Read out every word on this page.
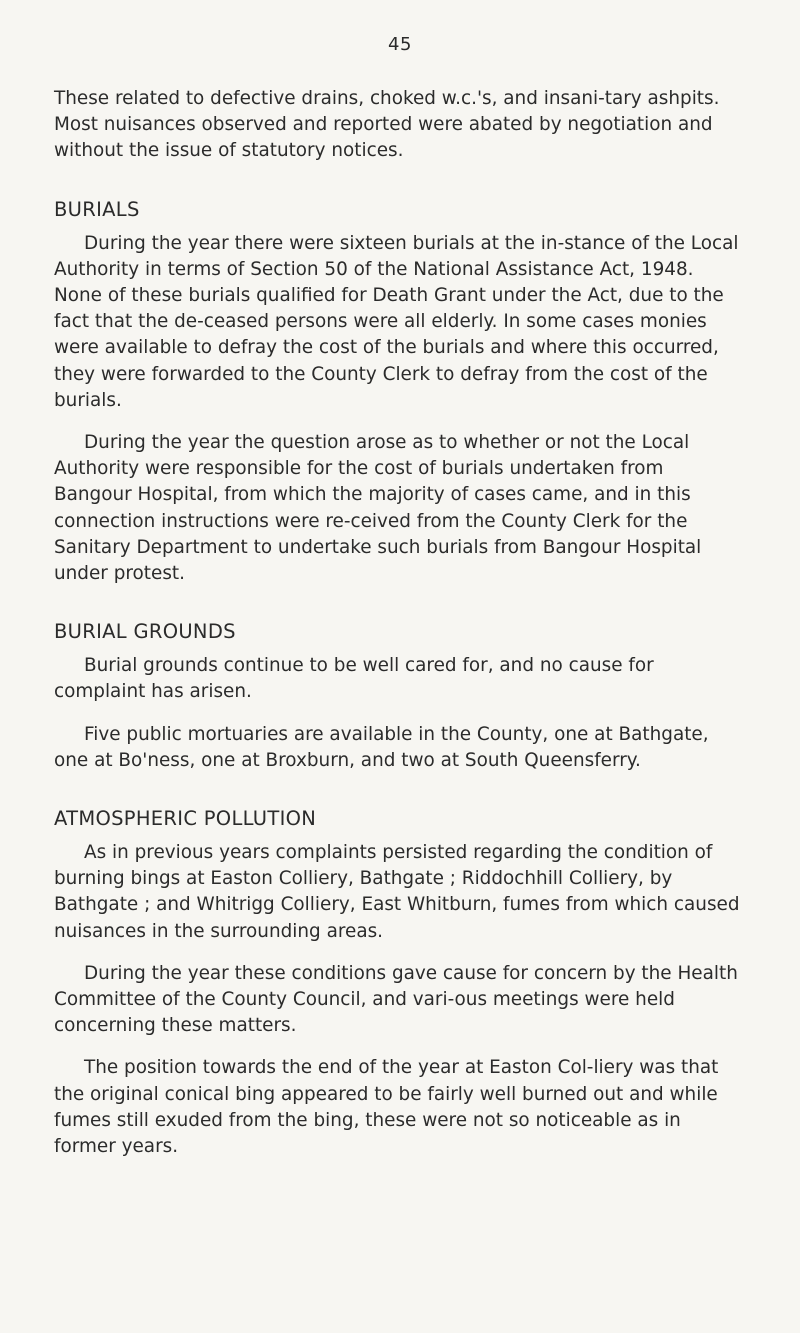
45

These related to defective drains, choked w.c.'s, and insani-tary ashpits. Most nuisances observed and reported were abated by negotiation and without the issue of statutory notices.

BURIALS

During the year there were sixteen burials at the in-stance of the Local Authority in terms of Section 50 of the National Assistance Act, 1948. None of these burials qualified for Death Grant under the Act, due to the fact that the de-ceased persons were all elderly. In some cases monies were available to defray the cost of the burials and where this occurred, they were forwarded to the County Clerk to defray from the cost of the burials.

During the year the question arose as to whether or not the Local Authority were responsible for the cost of burials undertaken from Bangour Hospital, from which the majority of cases came, and in this connection instructions were re-ceived from the County Clerk for the Sanitary Department to undertake such burials from Bangour Hospital under protest.

BURIAL GROUNDS

Burial grounds continue to be well cared for, and no cause for complaint has arisen.

Five public mortuaries are available in the County, one at Bathgate, one at Bo'ness, one at Broxburn, and two at South Queensferry.

ATMOSPHERIC POLLUTION

As in previous years complaints persisted regarding the condition of burning bings at Easton Colliery, Bathgate ; Riddochhill Colliery, by Bathgate ; and Whitrigg Colliery, East Whitburn, fumes from which caused nuisances in the surrounding areas.

During the year these conditions gave cause for concern by the Health Committee of the County Council, and vari-ous meetings were held concerning these matters.

The position towards the end of the year at Easton Col-liery was that the original conical bing appeared to be fairly well burned out and while fumes still exuded from the bing, these were not so noticeable as in former years.
